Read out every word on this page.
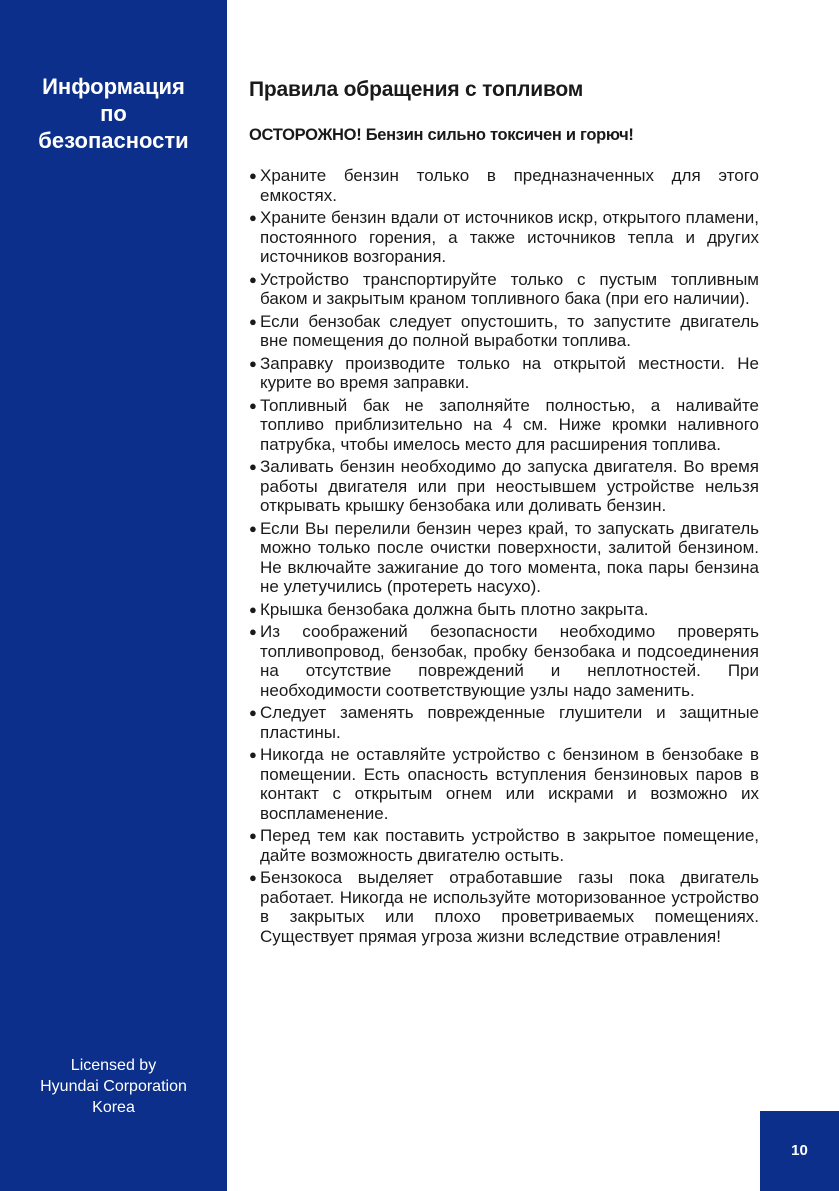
Информация
по
безопасности
Licensed by
Hyundai Corporation
Korea
Правила обращения с топливом

ОСТОРОЖНО! Бензин сильно токсичен и горюч!

● Храните бензин только в предназначенных для этого емкостях.
● Храните бензин вдали от источников искр, открытого пламени, постоянного горения, а также источников тепла и других источников возгорания.
● Устройство транспортируйте только с пустым топливным баком и закрытым краном топливного бака (при его наличии).
● Если бензобак следует опустошить, то запустите двигатель вне помещения до полной выработки топлива.
● Заправку производите только на открытой местности. Не курите во время заправки.
● Топливный бак не заполняйте полностью, а наливайте топливо приблизительно на 4 см. Ниже кромки наливного патрубка, чтобы имелось место для расширения топлива.
● Заливать бензин необходимо до запуска двигателя. Во время работы двигателя или при неостывшем устройстве нельзя открывать крышку бензобака или доливать бензин.
● Если Вы перелили бензин через край, то запускать двигатель можно только после очистки поверхности, залитой бензином. Не включайте зажигание до того момента, пока пары бензина не улетучились (протереть насухо).
● Крышка бензобака должна быть плотно закрыта.
● Из соображений безопасности необходимо проверять топливопровод, бензобак, пробку бензобака и подсоединения на отсутствие повреждений и неплотностей. При необходимости соответствующие узлы надо заменить.
● Следует заменять поврежденные глушители и защитные пластины.
● Никогда не оставляйте устройство с бензином в бензобаке в помещении. Есть опасность вступления бензиновых паров в контакт с открытым огнем или искрами и возможно их воспламенение.
● Перед тем как поставить устройство в закрытое помещение, дайте возможность двигателю остыть.
● Бензокоса выделяет отработавшие газы пока двигатель работает. Никогда не используйте моторизованное устройство в закрытых или плохо проветриваемых помещениях. Существует прямая угроза жизни вследствие отравления!
10
